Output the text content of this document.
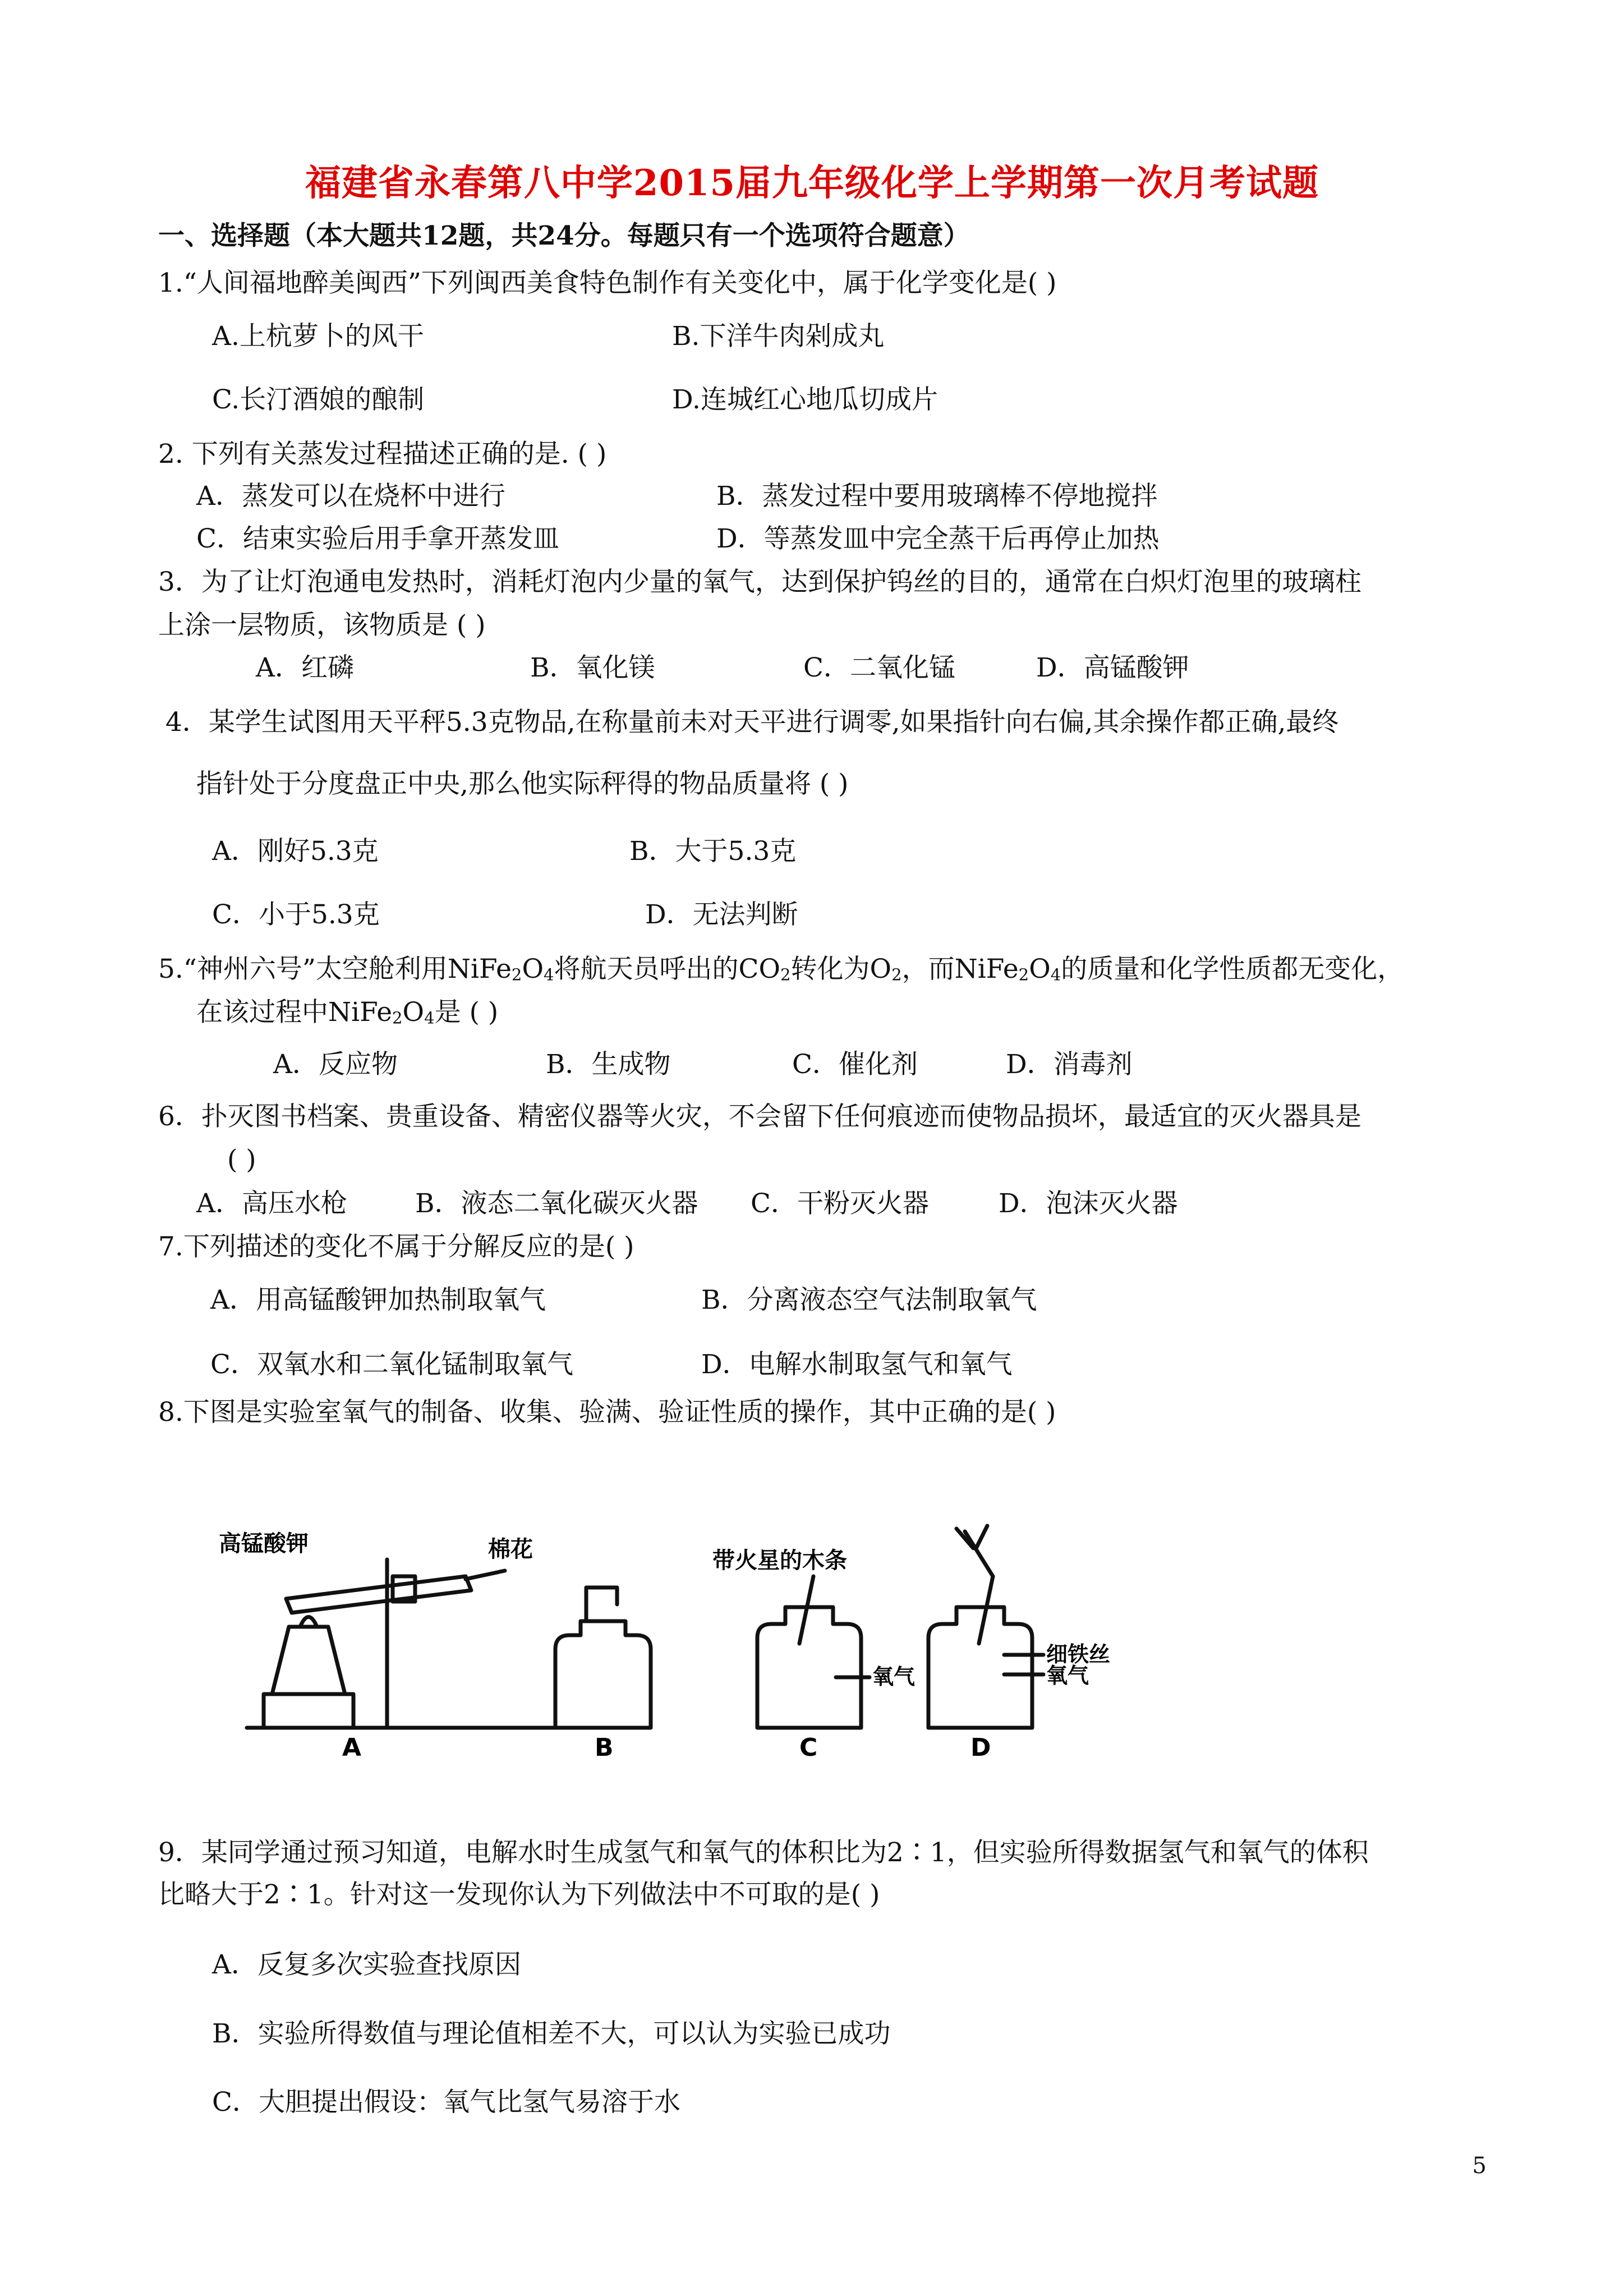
福建省永春第八中学2015届九年级化学上学期第一次月考试题
一、选择题（本大题共12题，共24分。每题只有一个选项符合题意）
1.“人间福地醉美闽西”下列闽西美食特色制作有关变化中，属于化学变化是( )
A.上杭萝卜的风干	B.下洋牛肉剁成丸
C.长汀酒娘的酿制	D.连城红心地瓜切成片
2. 下列有关蒸发过程描述正确的是. ( )
A．蒸发可以在烧杯中进行	B．蒸发过程中要用玻璃棒不停地搅拌
C．结束实验后用手拿开蒸发皿	D．等蒸发皿中完全蒸干后再停止加热
3．为了让灯泡通电发热时，消耗灯泡内少量的氧气，达到保护钨丝的目的，通常在白炽灯泡里的玻璃柱
上涂一层物质，该物质是 ( )
A．红磷	B．氧化镁	C．二氧化锰	D．高锰酸钾
4．某学生试图用天平秤5.3克物品,在称量前未对天平进行调零,如果指针向右偏,其余操作都正确,最终
指针处于分度盘正中央,那么他实际秤得的物品质量将 ( )
A．刚好5.3克	B．大于5.3克
C．小于5.3克	D．无法判断
5.“神州六号”太空舱利用$NiFe_2O_4$将航天员呼出的$CO_2$转化为$O_2$，而$NiFe_2O_4$的质量和化学性质都无变化，
在该过程中$NiFe_2O_4$是 ( )
A．反应物	B．生成物	C．催化剂	D．消毒剂
6．扑灭图书档案、贵重设备、精密仪器等火灾，不会留下任何痕迹而使物品损坏，最适宜的灭火器具是
( )
A．高压水枪	B．液态二氧化碳灭火器 C．干粉灭火器	D．泡沫灭火器
7.下列描述的变化不属于分解反应的是( )
A．用高锰酸钾加热制取氧气	B．分离液态空气法制取氧气
C．双氧水和二氧化锰制取氧气	D．电解水制取氢气和氧气
8.下图是实验室氧气的制备、收集、验满、验证性质的操作，其中正确的是( )
高锰酸钾	棉花	带火星的木条
氧气
细铁丝
氧气
A	B	C	D
9．某同学通过预习知道，电解水时生成氢气和氧气的体积比为2∶1，但实验所得数据氢气和氧气的体积
比略大于2∶1。针对这一发现你认为下列做法中不可取的是( )
A．反复多次实验查找原因
B．实验所得数值与理论值相差不大，可以认为实验已成功
C．大胆提出假设：氧气比氢气易溶于水
5
